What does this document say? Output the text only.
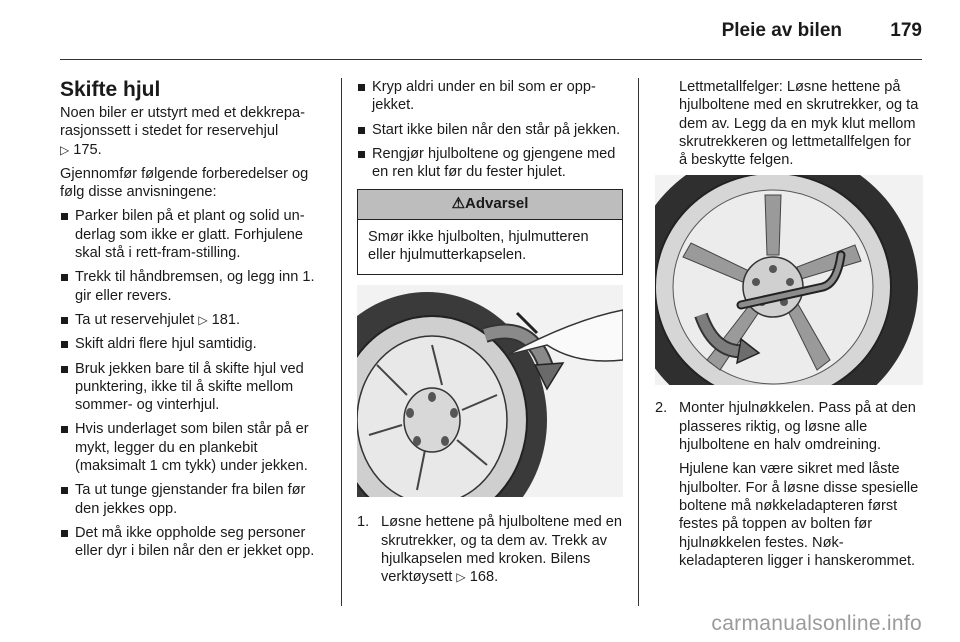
Pleie av bilen	179
Skifte hjul

Noen biler er utstyrt med et dekkreparasjonssett i stedet for reservehjul
▷ 175.

Gjennomfør følgende forberedelser og følg disse anvisningene:

Parker bilen på et plant og solid underlag som ikke er glatt. Forhjulene skal stå i rett-fram-stilling.
Trekk til håndbremsen, og legg inn 1. gir eller revers.
Ta ut reservehjulet ▷ 181.
Skift aldri flere hjul samtidig.
Bruk jekken bare til å skifte hjul ved punktering, ikke til å skifte mellom sommer- og vinterhjul.
Hvis underlaget som bilen står på er mykt, legger du en plankebit (maksimalt 1 cm tykk) under jekken.
Ta ut tunge gjenstander fra bilen før den jekkes opp.
Det må ikke oppholde seg personer eller dyr i bilen når den er jekket opp.
Kryp aldri under en bil som er oppjekket.
Start ikke bilen når den står på jekken.
Rengjør hjulboltene og gjengene med en ren klut før du fester hjulet.
⚠Advarsel
Smør ikke hjulbolten, hjulmutteren eller hjulmutterkapselen.
1. Løsne hettene på hjulboltene med en skrutrekker, og ta dem av. Trekk av hjulkapselen med kroken. Bilens verktøysett ▷ 168.

Lettmetallfelger: Løsne hettene på hjulboltene med en skrutrekker, og ta dem av. Legg da en myk klut mellom skrutrekkeren og lettmetallfelgen for å beskytte felgen.

2. Monter hjulnøkkelen. Pass på at den plasseres riktig, og løsne alle hjulboltene en halv omdreining.
Hjulene kan være sikret med låste hjulbolter. For å løsne disse spesielle boltene må nøkkeladapteren først festes på toppen av bolten før hjulnøkkelen festes. Nøkkeladapteren ligger i hanskerommet.
carmanualsonline.info
